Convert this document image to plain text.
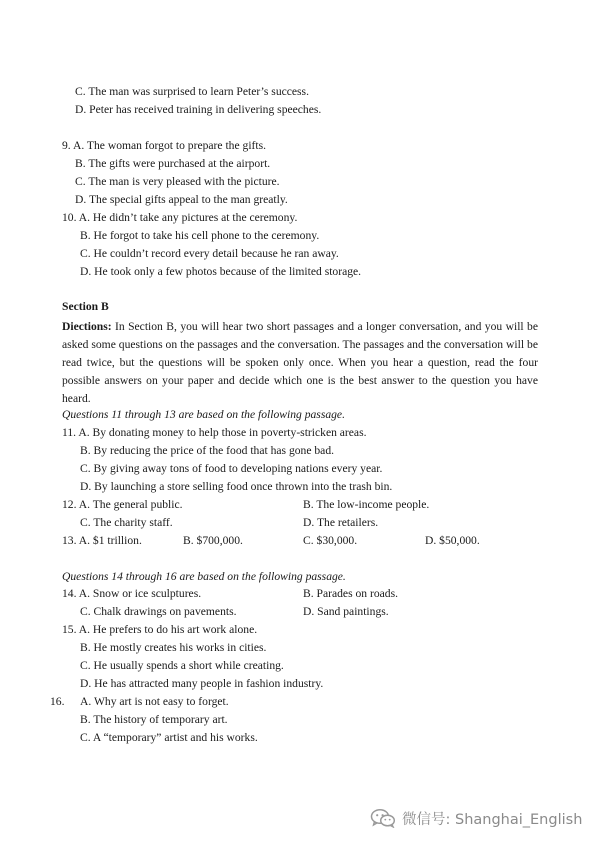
C. The man was surprised to learn Peter’s success.
D. Peter has received training in delivering speeches.
9. A. The woman forgot to prepare the gifts.
B. The gifts were purchased at the airport.
C. The man is very pleased with the picture.
D. The special gifts appeal to the man greatly.
10. A. He didn’t take any pictures at the ceremony.
B. He forgot to take his cell phone to the ceremony.
C. He couldn’t record every detail because he ran away.
D. He took only a few photos because of the limited storage.
Section B
Diections: In Section B, you will hear two short passages and a longer conversation, and you will be asked some questions on the passages and the conversation. The passages and the conversation will be read twice, but the questions will be spoken only once. When you hear a question, read the four possible answers on your paper and decide which one is the best answer to the question you have heard.
Questions 11 through 13 are based on the following passage.
11. A. By donating money to help those in poverty-stricken areas.
B. By reducing the price of the food that has gone bad.
C. By giving away tons of food to developing nations every year.
D. By launching a store selling food once thrown into the trash bin.
12. A. The general public.	B. The low-income people.
C. The charity staff.	D. The retailers.
13. A. $1 trillion.	B. $700,000.	C. $30,000.	D. $50,000.
Questions 14 through 16 are based on the following passage.
14. A. Snow or ice sculptures.	B. Parades on roads.
C. Chalk drawings on pavements.	D. Sand paintings.
15. A. He prefers to do his art work alone.
B. He mostly creates his works in cities.
C. He usually spends a short while creating.
D. He has attracted many people in fashion industry.
16. A. Why art is not easy to forget.
B. The history of temporary art.
C. A “temporary” artist and his works.
微信号: Shanghai_English
